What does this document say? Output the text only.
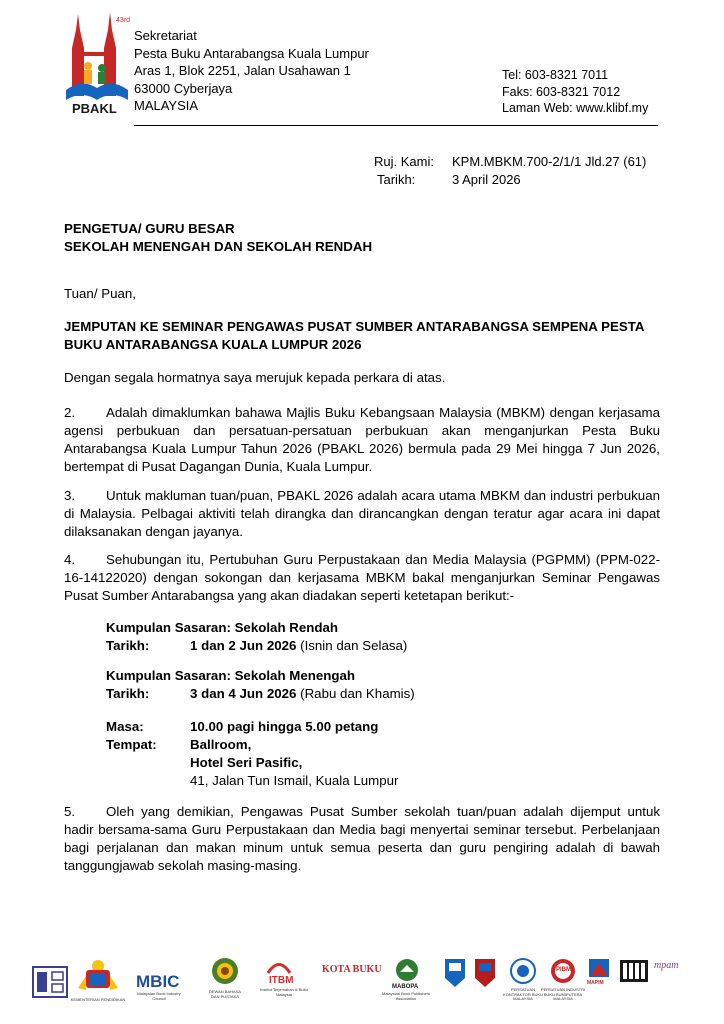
43rd
PBAKL
Sekretariat
Pesta Buku Antarabangsa Kuala Lumpur
Aras 1, Blok 2251, Jalan Usahawan 1
63000 Cyberjaya
MALAYSIA
Tel: 603-8321 7011
Faks: 603-8321 7012
Laman Web: www.klibf.my
Ruj. Kami:	KPM.MBKM.700-2/1/1 Jld.27 (61)
Tarikh:	3 April 2026
PENGETUA/ GURU BESAR
SEKOLAH MENENGAH DAN SEKOLAH RENDAH
Tuan/ Puan,
JEMPUTAN KE SEMINAR PENGAWAS PUSAT SUMBER ANTARABANGSA SEMPENA PESTA BUKU ANTARABANGSA KUALA LUMPUR 2026
Dengan segala hormatnya saya merujuk kepada perkara di atas.
2. Adalah dimaklumkan bahawa Majlis Buku Kebangsaan Malaysia (MBKM) dengan kerjasama agensi perbukuan dan persatuan-persatuan perbukuan akan menganjurkan Pesta Buku Antarabangsa Kuala Lumpur Tahun 2026 (PBAKL 2026) bermula pada 29 Mei hingga 7 Jun 2026, bertempat di Pusat Dagangan Dunia, Kuala Lumpur.
3. Untuk makluman tuan/puan, PBAKL 2026 adalah acara utama MBKM dan industri perbukuan di Malaysia. Pelbagai aktiviti telah dirangka dan dirancangkan dengan teratur agar acara ini dapat dilaksanakan dengan jayanya.
4. Sehubungan itu, Pertubuhan Guru Perpustakaan dan Media Malaysia (PGPMM) (PPM-022-16-14122020) dengan sokongan dan kerjasama MBKM bakal menganjurkan Seminar Pengawas Pusat Sumber Antarabangsa yang akan diadakan seperti ketetapan berikut:-
Kumpulan Sasaran: Sekolah Rendah
Tarikh:	1 dan 2 Jun 2026 (Isnin dan Selasa)
Kumpulan Sasaran: Sekolah Menengah
Tarikh:	3 dan 4 Jun 2026 (Rabu dan Khamis)
Masa:	10.00 pagi hingga 5.00 petang
Tempat:	Ballroom,
Hotel Seri Pasific,
41, Jalan Tun Ismail, Kuala Lumpur
5. Oleh yang demikian, Pengawas Pusat Sumber sekolah tuan/puan adalah dijemput untuk hadir bersama-sama Guru Perpustakaan dan Media bagi menyertai seminar tersebut. Perbelanjaan bagi perjalanan dan makan minum untuk semua peserta dan guru pengiring adalah di bawah tanggungjawab sekolah masing-masing.
KEMENTERIAN PENDIDIKAN
MBIC
Malaysian Book Industry Council
DEWAN BAHASA DAN PUSTAKA
ITBM
Institut Terjemahan & Buku Malaysia
KOTA BUKU
MABOPA
Malaysian Book Publishers Association
PERSATUAN KONTRAKTOR BUKU MALAYSIA
PIBM
PERSATUAN INDUSTRI BUKU BUMIPUTERA MALAYSIA
MAPIM
mpam
